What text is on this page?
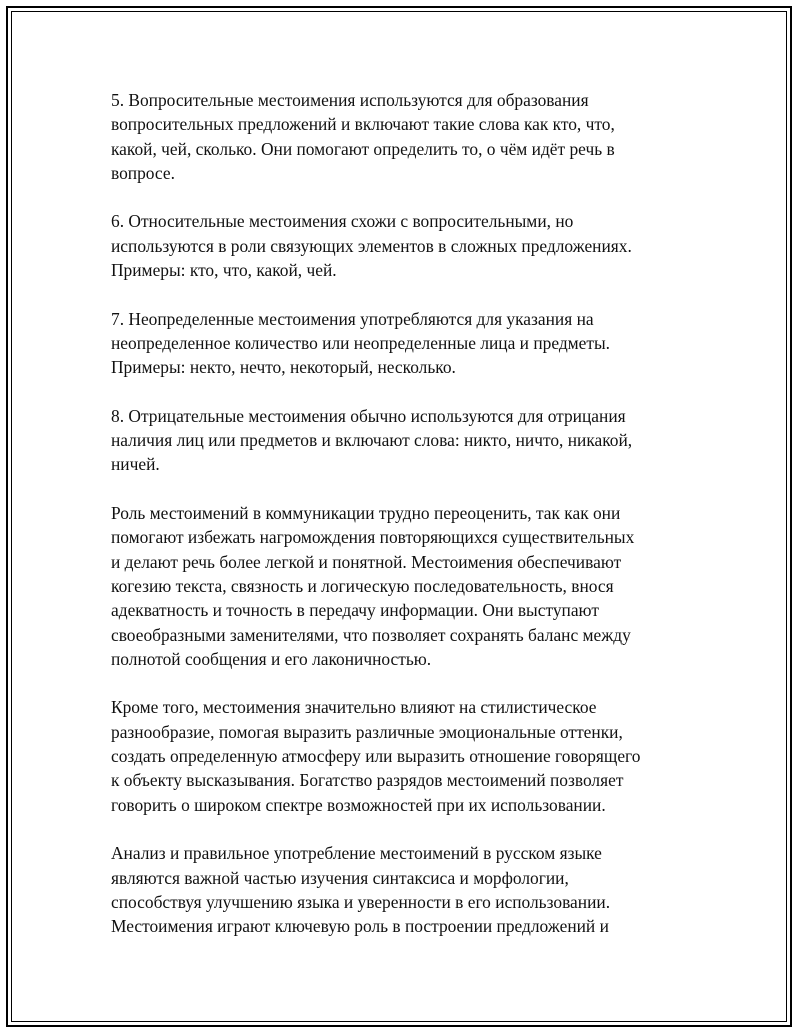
5. Вопросительные местоимения используются для образования
вопросительных предложений и включают такие слова как кто, что,
какой, чей, сколько. Они помогают определить то, о чём идёт речь в
вопросе.

6. Относительные местоимения схожи с вопросительными, но
используются в роли связующих элементов в сложных предложениях.
Примеры: кто, что, какой, чей.

7. Неопределенные местоимения употребляются для указания на
неопределенное количество или неопределенные лица и предметы.
Примеры: некто, нечто, некоторый, несколько.

8. Отрицательные местоимения обычно используются для отрицания
наличия лиц или предметов и включают слова: никто, ничто, никакой,
ничей.

Роль местоимений в коммуникации трудно переоценить, так как они
помогают избежать нагромождения повторяющихся существительных
и делают речь более легкой и понятной. Местоимения обеспечивают
когезию текста, связность и логическую последовательность, внося
адекватность и точность в передачу информации. Они выступают
своеобразными заменителями, что позволяет сохранять баланс между
полнотой сообщения и его лаконичностью.

Кроме того, местоимения значительно влияют на стилистическое
разнообразие, помогая выразить различные эмоциональные оттенки,
создать определенную атмосферу или выразить отношение говорящего
к объекту высказывания. Богатство разрядов местоимений позволяет
говорить о широком спектре возможностей при их использовании.

Анализ и правильное употребление местоимений в русском языке
являются важной частью изучения синтаксиса и морфологии,
способствуя улучшению языка и уверенности в его использовании.
Местоимения играют ключевую роль в построении предложений и
